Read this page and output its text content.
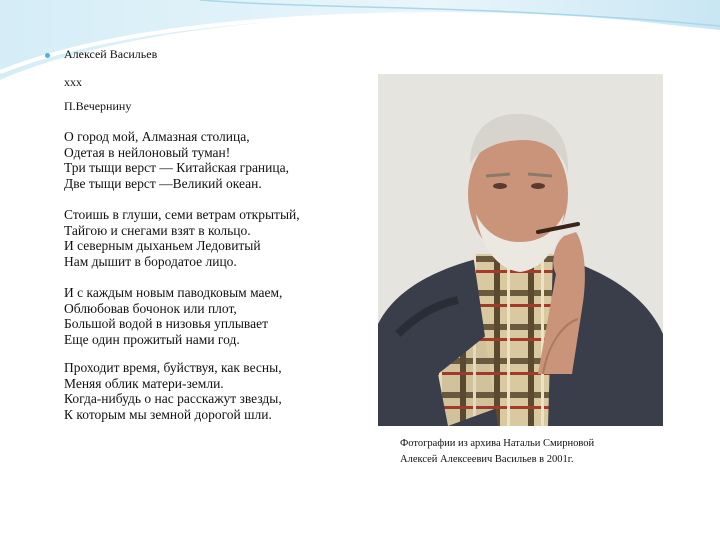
Алексей Васильев
xxx
П.Вечернину
О город мой, Алмазная столица,
Одетая в нейлоновый туман!
Три тыщи верст — Китайская граница,
Две тыщи верст —Великий океан.
Стоишь в глуши, семи ветрам открытый,
Тайгою и снегами взят в кольцо.
И северным дыханьем Ледовитый
Нам дышит в бородатое лицо.
И с каждым новым паводковым маем,
Облюбовав бочонок или плот,
Большой водой в низовья уплывает
Еще один прожитый нами год.
Проходит время, буйствуя, как весны,
Меняя облик матери-земли.
Когда-нибудь о нас расскажут звезды,
К которым мы земной дорогой шли.
Фотографии из архива Натальи Смирновой
Алексей Алексеевич Васильев в 2001г.
